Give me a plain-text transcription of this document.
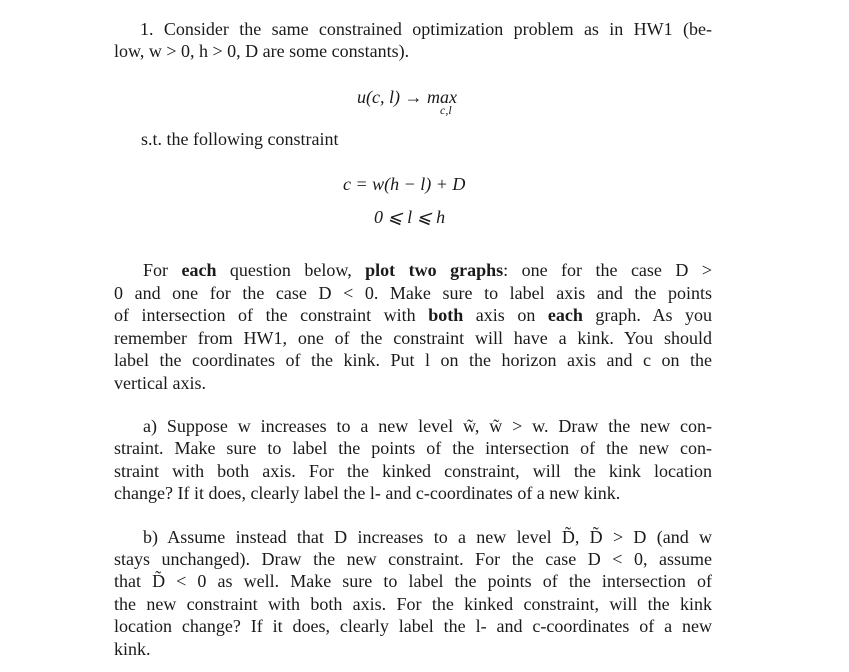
1. Consider the same constrained optimization problem as in HW1 (be-
low, w > 0, h > 0, D are some constants).
u(c, l) → max
c,l
s.t. the following constraint
c = w(h − l) + D
0 ⩽ l ⩽ h
For each question below, plot two graphs: one for the case D >
0 and one for the case D < 0. Make sure to label axis and the points
of intersection of the constraint with both axis on each graph. As you
remember from HW1, one of the constraint will have a kink. You should
label the coordinates of the kink. Put l on the horizon axis and c on the
vertical axis.
a) Suppose w increases to a new level w̃, w̃ > w. Draw the new con-
straint. Make sure to label the points of the intersection of the new con-
straint with both axis. For the kinked constraint, will the kink location
change? If it does, clearly label the l- and c-coordinates of a new kink.
b) Assume instead that D increases to a new level D̃, D̃ > D (and w
stays unchanged). Draw the new constraint. For the case D < 0, assume
that D̃ < 0 as well. Make sure to label the points of the intersection of
the new constraint with both axis. For the kinked constraint, will the kink
location change? If it does, clearly label the l- and c-coordinates of a new
kink.
